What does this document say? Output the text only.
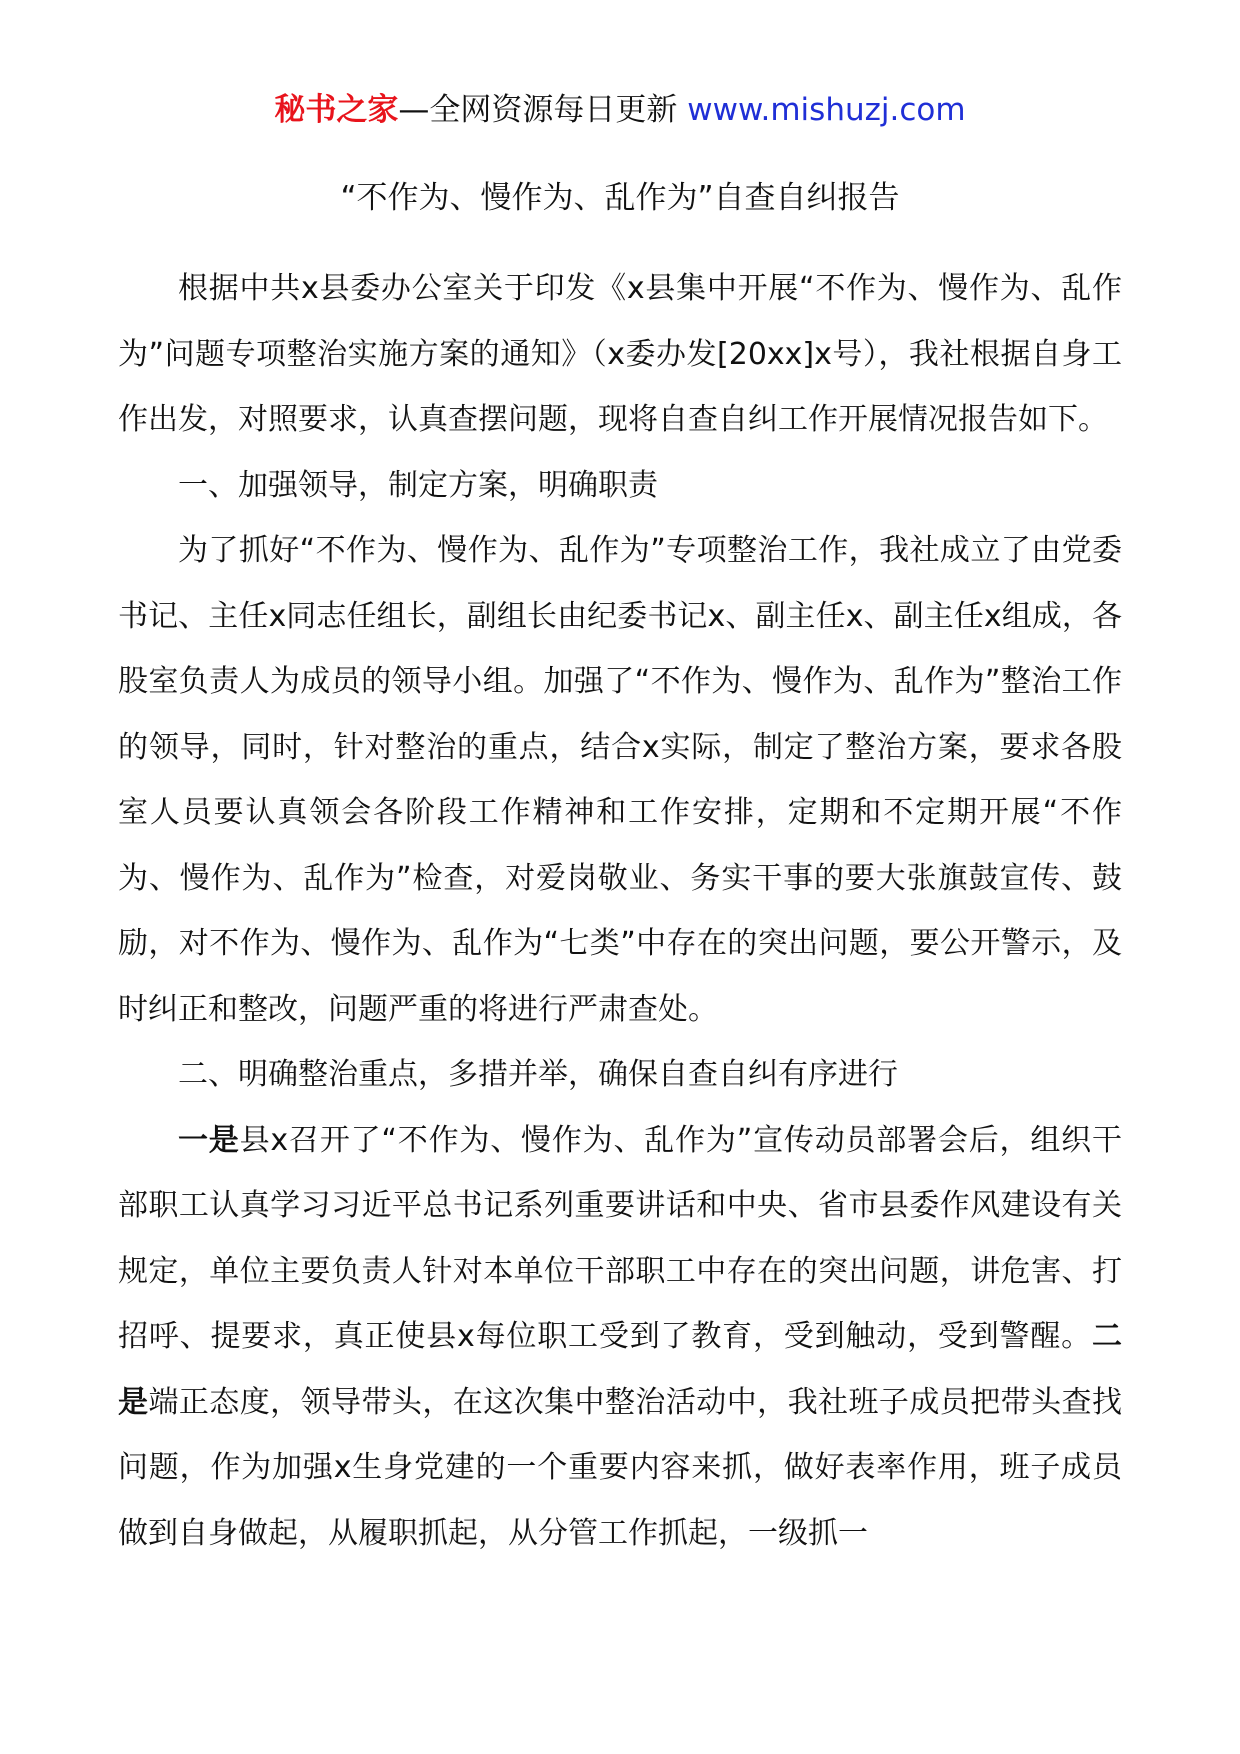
秘书之家—全网资源每日更新 www.mishuzj.com
“不作为、慢作为、乱作为”自查自纠报告

根据中共x县委办公室关于印发《x县集中开展“不作为、慢作为、乱作为”问题专项整治实施方案的通知》（x委办发[20xx]x号），我社根据自身工作出发，对照要求，认真查摆问题，现将自查自纠工作开展情况报告如下。

一、加强领导，制定方案，明确职责

为了抓好“不作为、慢作为、乱作为”专项整治工作，我社成立了由党委书记、主任x同志任组长，副组长由纪委书记x、副主任x、副主任x组成，各股室负责人为成员的领导小组。加强了“不作为、慢作为、乱作为”整治工作的领导，同时，针对整治的重点，结合x实际，制定了整治方案，要求各股室人员要认真领会各阶段工作精神和工作安排，定期和不定期开展“不作为、慢作为、乱作为”检查，对爱岗敬业、务实干事的要大张旗鼓宣传、鼓励，对不作为、慢作为、乱作为“七类”中存在的突出问题，要公开警示，及时纠正和整改，问题严重的将进行严肃查处。

二、明确整治重点，多措并举，确保自查自纠有序进行

一是县x召开了“不作为、慢作为、乱作为”宣传动员部署会后，组织干部职工认真学习习近平总书记系列重要讲话和中央、省市县委作风建设有关规定，单位主要负责人针对本单位干部职工中存在的突出问题，讲危害、打招呼、提要求，真正使县x每位职工受到了教育，受到触动，受到警醒。二是端正态度，领导带头，在这次集中整治活动中，我社班子成员把带头查找问题，作为加强x生身党建的一个重要内容来抓，做好表率作用，班子成员做到自身做起，从履职抓起，从分管工作抓起，一级抓一
